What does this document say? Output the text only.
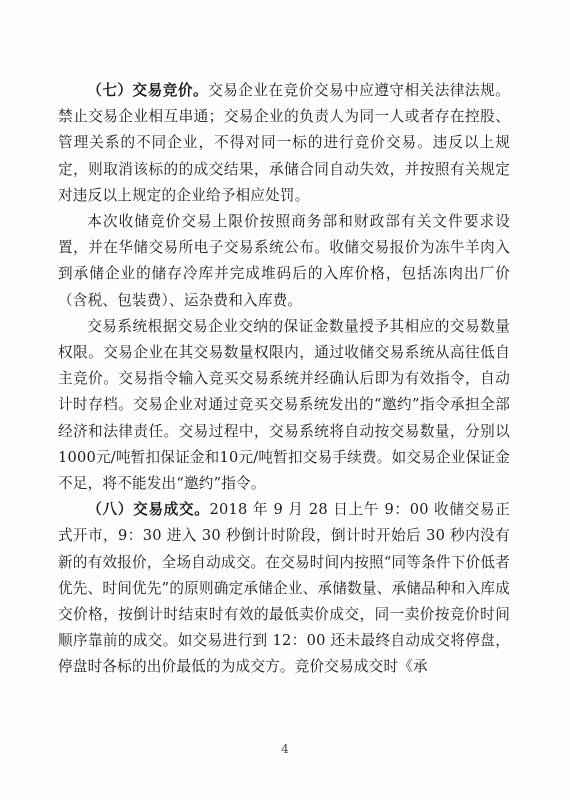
（七）交易竞价。交易企业在竞价交易中应遵守相关法律法规。禁止交易企业相互串通；交易企业的负责人为同一人或者存在控股、管理关系的不同企业，不得对同一标的进行竞价交易。违反以上规定，则取消该标的的成交结果，承储合同自动失效，并按照有关规定对违反以上规定的企业给予相应处罚。

本次收储竞价交易上限价按照商务部和财政部有关文件要求设置，并在华储交易所电子交易系统公布。收储交易报价为冻牛羊肉入到承储企业的储存冷库并完成堆码后的入库价格，包括冻肉出厂价（含税、包装费）、运杂费和入库费。

交易系统根据交易企业交纳的保证金数量授予其相应的交易数量权限。交易企业在其交易数量权限内，通过收储交易系统从高往低自主竞价。交易指令输入竞买交易系统并经确认后即为有效指令，自动计时存档。交易企业对通过竞买交易系统发出的“邀约”指令承担全部经济和法律责任。交易过程中，交易系统将自动按交易数量，分别以1000元/吨暂扣保证金和10元/吨暂扣交易手续费。如交易企业保证金不足，将不能发出“邀约”指令。

（八）交易成交。2018 年 9 月 28 日上午 9：00 收储交易正式开市，9：30 进入 30 秒倒计时阶段，倒计时开始后 30 秒内没有新的有效报价，全场自动成交。在交易时间内按照“同等条件下价低者优先、时间优先”的原则确定承储企业、承储数量、承储品种和入库成交价格，按倒计时结束时有效的最低卖价成交，同一卖价按竞价时间顺序靠前的成交。如交易进行到 12：00 还未最终自动成交将停盘，停盘时各标的出价最低的为成交方。竞价交易成交时《承

4
